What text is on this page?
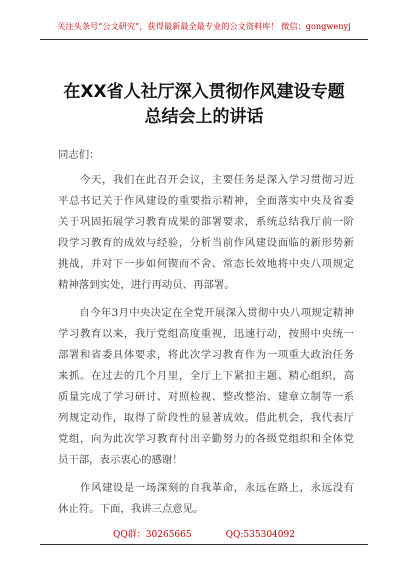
关注头条号“公文研究”，获得最新最全最专业的公文资料库！ 微信：gongwenyj
在XX省人社厅深入贯彻作风建设专题
总结会上的讲话
同志们：
　　今天，我们在此召开会议，主要任务是深入学习贯彻习近
平总书记关于作风建设的重要指示精神，全面落实中央及省委
关于巩固拓展学习教育成果的部署要求，系统总结我厅前一阶
段学习教育的成效与经验，分析当前作风建设面临的新形势新
挑战，并对下一步如何锲而不舍、常态长效地将中央八项规定
精神落到实处，进行再动员、再部署。
　　自今年3月中央决定在全党开展深入贯彻中央八项规定精神
学习教育以来，我厅党组高度重视，迅速行动，按照中央统一
部署和省委具体要求，将此次学习教育作为一项重大政治任务
来抓。在过去的几个月里，全厅上下紧扣主题、精心组织，高
质量完成了学习研讨、对照检视、整改整治、建章立制等一系
列规定动作，取得了阶段性的显著成效。借此机会，我代表厅
党组，向为此次学习教育付出辛勤努力的各级党组织和全体党
员干部，表示衷心的感谢！
　　作风建设是一场深刻的自我革命，永远在路上，永远没有
休止符。下面，我讲三点意见。
QQ群：30265665	QQ:535304092
